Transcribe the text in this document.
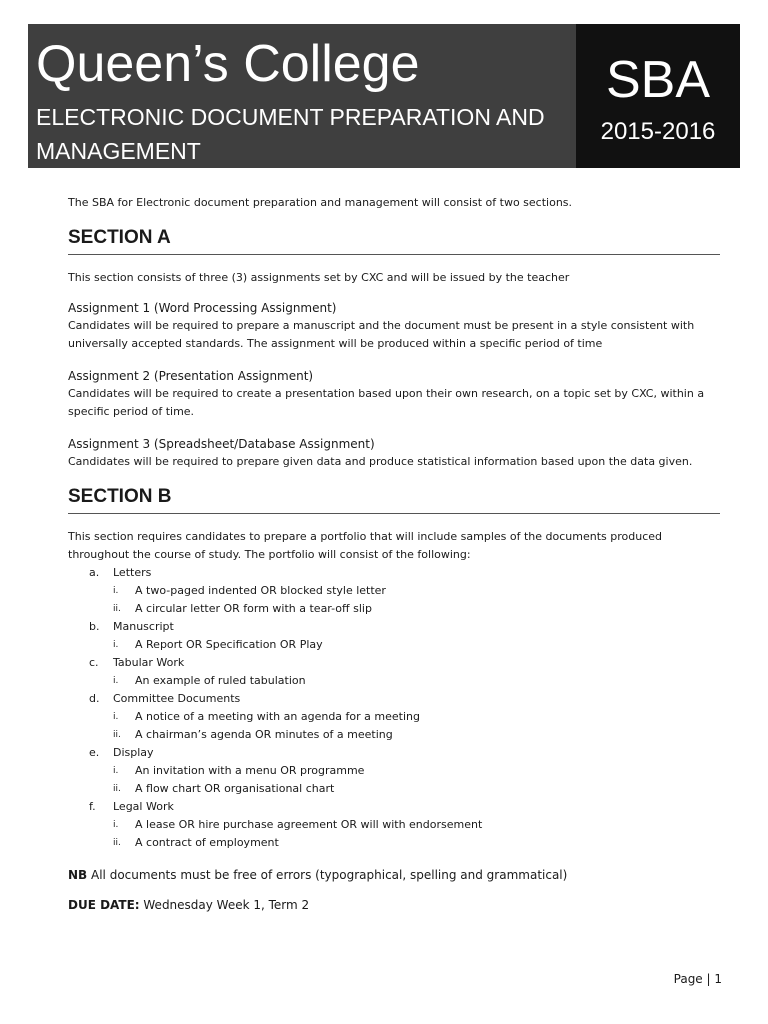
Queen’s College
ELECTRONIC DOCUMENT PREPARATION AND MANAGEMENT
SBA
2015-2016

The SBA for Electronic document preparation and management will consist of two sections.

SECTION A

This section consists of three (3) assignments set by CXC and will be issued by the teacher

Assignment 1 (Word Processing Assignment)

Candidates will be required to prepare a manuscript and the document must be present in a style consistent with universally accepted standards. The assignment will be produced within a specific period of time

Assignment 2 (Presentation Assignment)

Candidates will be required to create a presentation based upon their own research, on a topic set by CXC, within a specific period of time.

Assignment 3 (Spreadsheet/Database Assignment)

Candidates will be required to prepare given data and produce statistical information based upon the data given.

SECTION B

This section requires candidates to prepare a portfolio that will include samples of the documents produced throughout the course of study. The portfolio will consist of the following:

a. Letters
i. A two-paged indented OR blocked style letter
ii. A circular letter OR form with a tear-off slip
b. Manuscript
i. A Report OR Specification OR Play
c. Tabular Work
i. An example of ruled tabulation
d. Committee Documents
i. A notice of a meeting with an agenda for a meeting
ii. A chairman’s agenda OR minutes of a meeting
e. Display
i. An invitation with a menu OR programme
ii. A flow chart OR organisational chart
f. Legal Work
i. A lease OR hire purchase agreement OR will with endorsement
ii. A contract of employment

NB All documents must be free of errors (typographical, spelling and grammatical)

DUE DATE: Wednesday Week 1, Term 2

Page | 1
